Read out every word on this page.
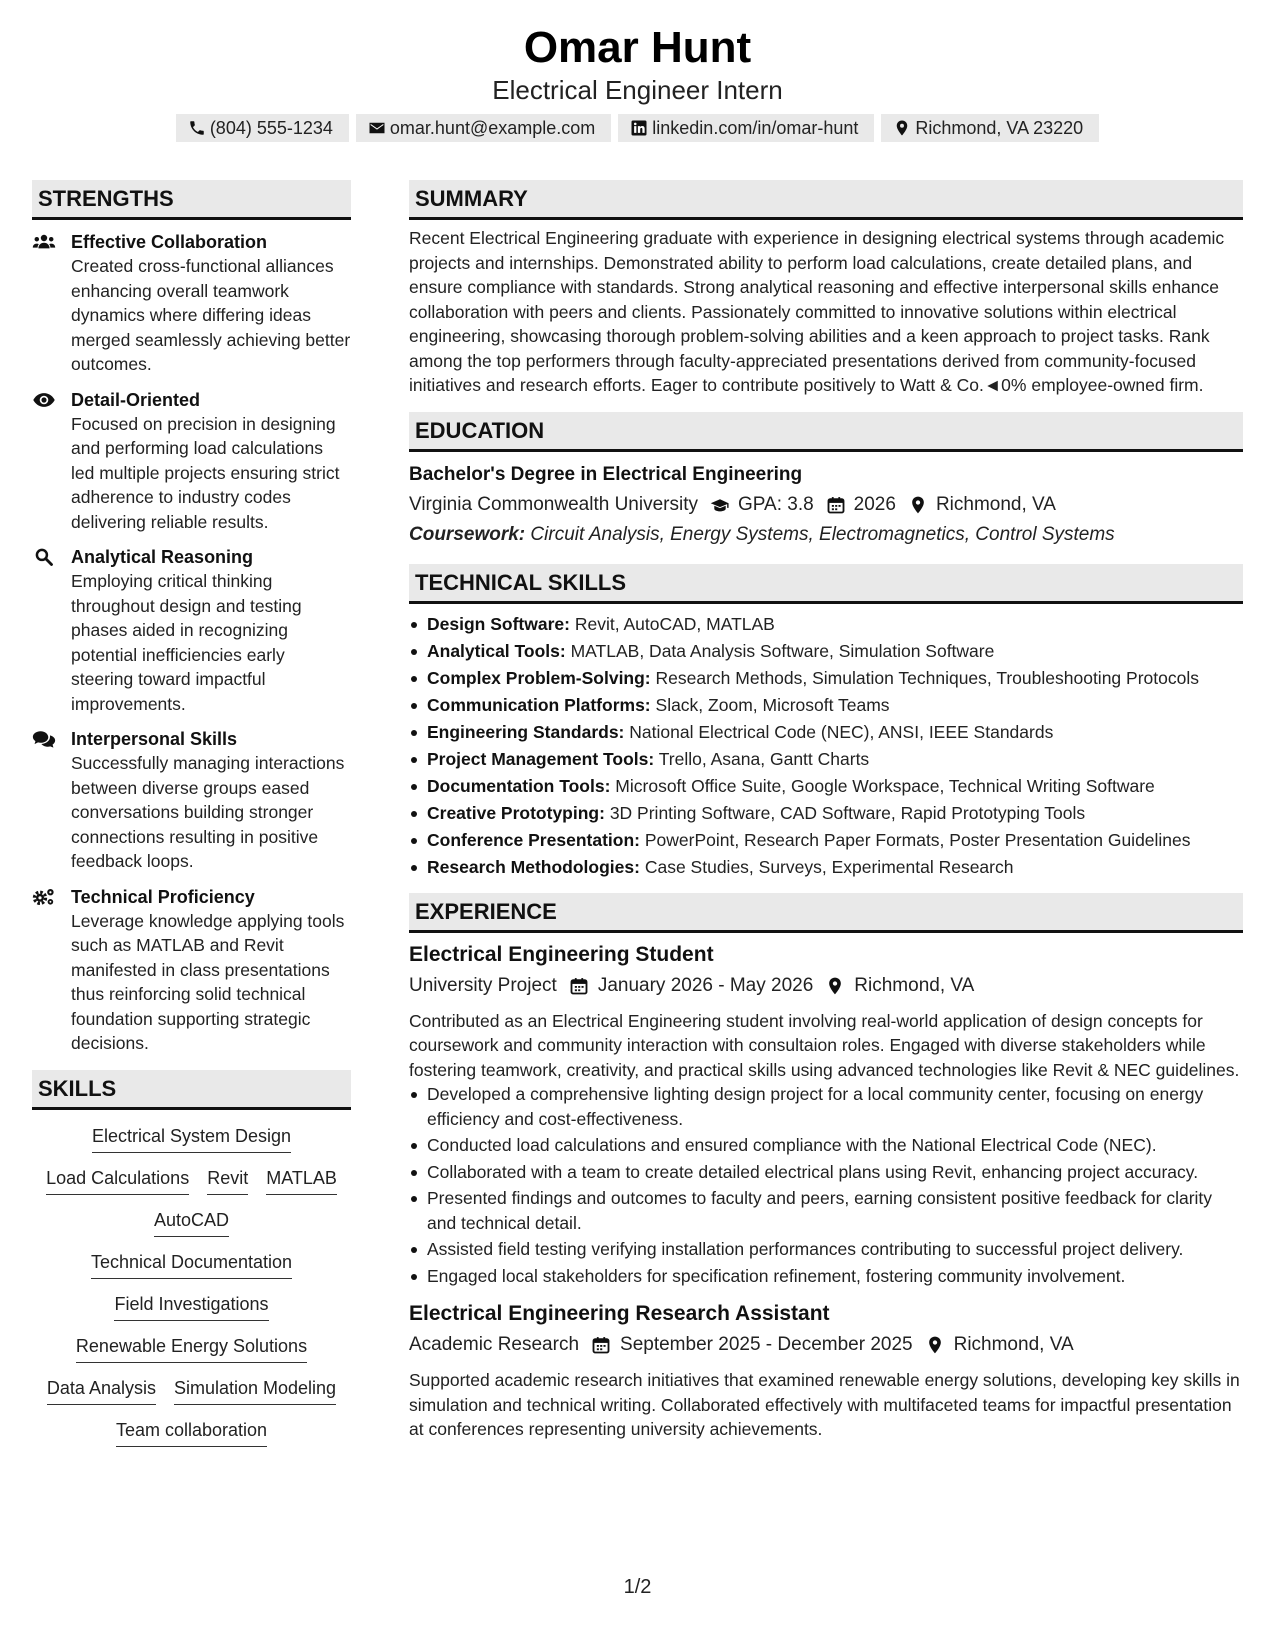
Omar Hunt
Electrical Engineer Intern
(804) 555-1234	omar.hunt@example.com	linkedin.com/in/omar-hunt	Richmond, VA 23220
STRENGTHS
Effective Collaboration
Created cross-functional alliances enhancing overall teamwork dynamics where differing ideas merged seamlessly achieving better outcomes.
Detail-Oriented
Focused on precision in designing and performing load calculations led multiple projects ensuring strict adherence to industry codes delivering reliable results.
Analytical Reasoning
Employing critical thinking throughout design and testing phases aided in recognizing potential inefficiencies early steering toward impactful improvements.
Interpersonal Skills
Successfully managing interactions between diverse groups eased conversations building stronger connections resulting in positive feedback loops.
Technical Proficiency
Leverage knowledge applying tools such as MATLAB and Revit manifested in class presentations thus reinforcing solid technical foundation supporting strategic decisions.
SKILLS
Electrical System Design
Load Calculations Revit MATLAB
AutoCAD
Technical Documentation
Field Investigations
Renewable Energy Solutions
Data Analysis Simulation Modeling
Team collaboration
SUMMARY
Recent Electrical Engineering graduate with experience in designing electrical systems through academic projects and internships. Demonstrated ability to perform load calculations, create detailed plans, and ensure compliance with standards. Strong analytical reasoning and effective interpersonal skills enhance collaboration with peers and clients. Passionately committed to innovative solutions within electrical engineering, showcasing thorough problem-solving abilities and a keen approach to project tasks. Rank among the top performers through faculty-appreciated presentations derived from community-focused initiatives and research efforts. Eager to contribute positively to Watt & Co.◄0% employee-owned firm.
EDUCATION
Bachelor's Degree in Electrical Engineering
Virginia Commonwealth University GPA: 3.8 2026 Richmond, VA
Coursework: Circuit Analysis, Energy Systems, Electromagnetics, Control Systems
TECHNICAL SKILLS
Design Software: Revit, AutoCAD, MATLAB
Analytical Tools: MATLAB, Data Analysis Software, Simulation Software
Complex Problem-Solving: Research Methods, Simulation Techniques, Troubleshooting Protocols
Communication Platforms: Slack, Zoom, Microsoft Teams
Engineering Standards: National Electrical Code (NEC), ANSI, IEEE Standards
Project Management Tools: Trello, Asana, Gantt Charts
Documentation Tools: Microsoft Office Suite, Google Workspace, Technical Writing Software
Creative Prototyping: 3D Printing Software, CAD Software, Rapid Prototyping Tools
Conference Presentation: PowerPoint, Research Paper Formats, Poster Presentation Guidelines
Research Methodologies: Case Studies, Surveys, Experimental Research
EXPERIENCE
Electrical Engineering Student
University Project January 2026 - May 2026 Richmond, VA
Contributed as an Electrical Engineering student involving real-world application of design concepts for coursework and community interaction with consultaion roles. Engaged with diverse stakeholders while fostering teamwork, creativity, and practical skills using advanced technologies like Revit & NEC guidelines.
Developed a comprehensive lighting design project for a local community center, focusing on energy efficiency and cost-effectiveness.
Conducted load calculations and ensured compliance with the National Electrical Code (NEC).
Collaborated with a team to create detailed electrical plans using Revit, enhancing project accuracy.
Presented findings and outcomes to faculty and peers, earning consistent positive feedback for clarity and technical detail.
Assisted field testing verifying installation performances contributing to successful project delivery.
Engaged local stakeholders for specification refinement, fostering community involvement.
Electrical Engineering Research Assistant
Academic Research September 2025 - December 2025 Richmond, VA
Supported academic research initiatives that examined renewable energy solutions, developing key skills in simulation and technical writing. Collaborated effectively with multifaceted teams for impactful presentation at conferences representing university achievements.
1/2
